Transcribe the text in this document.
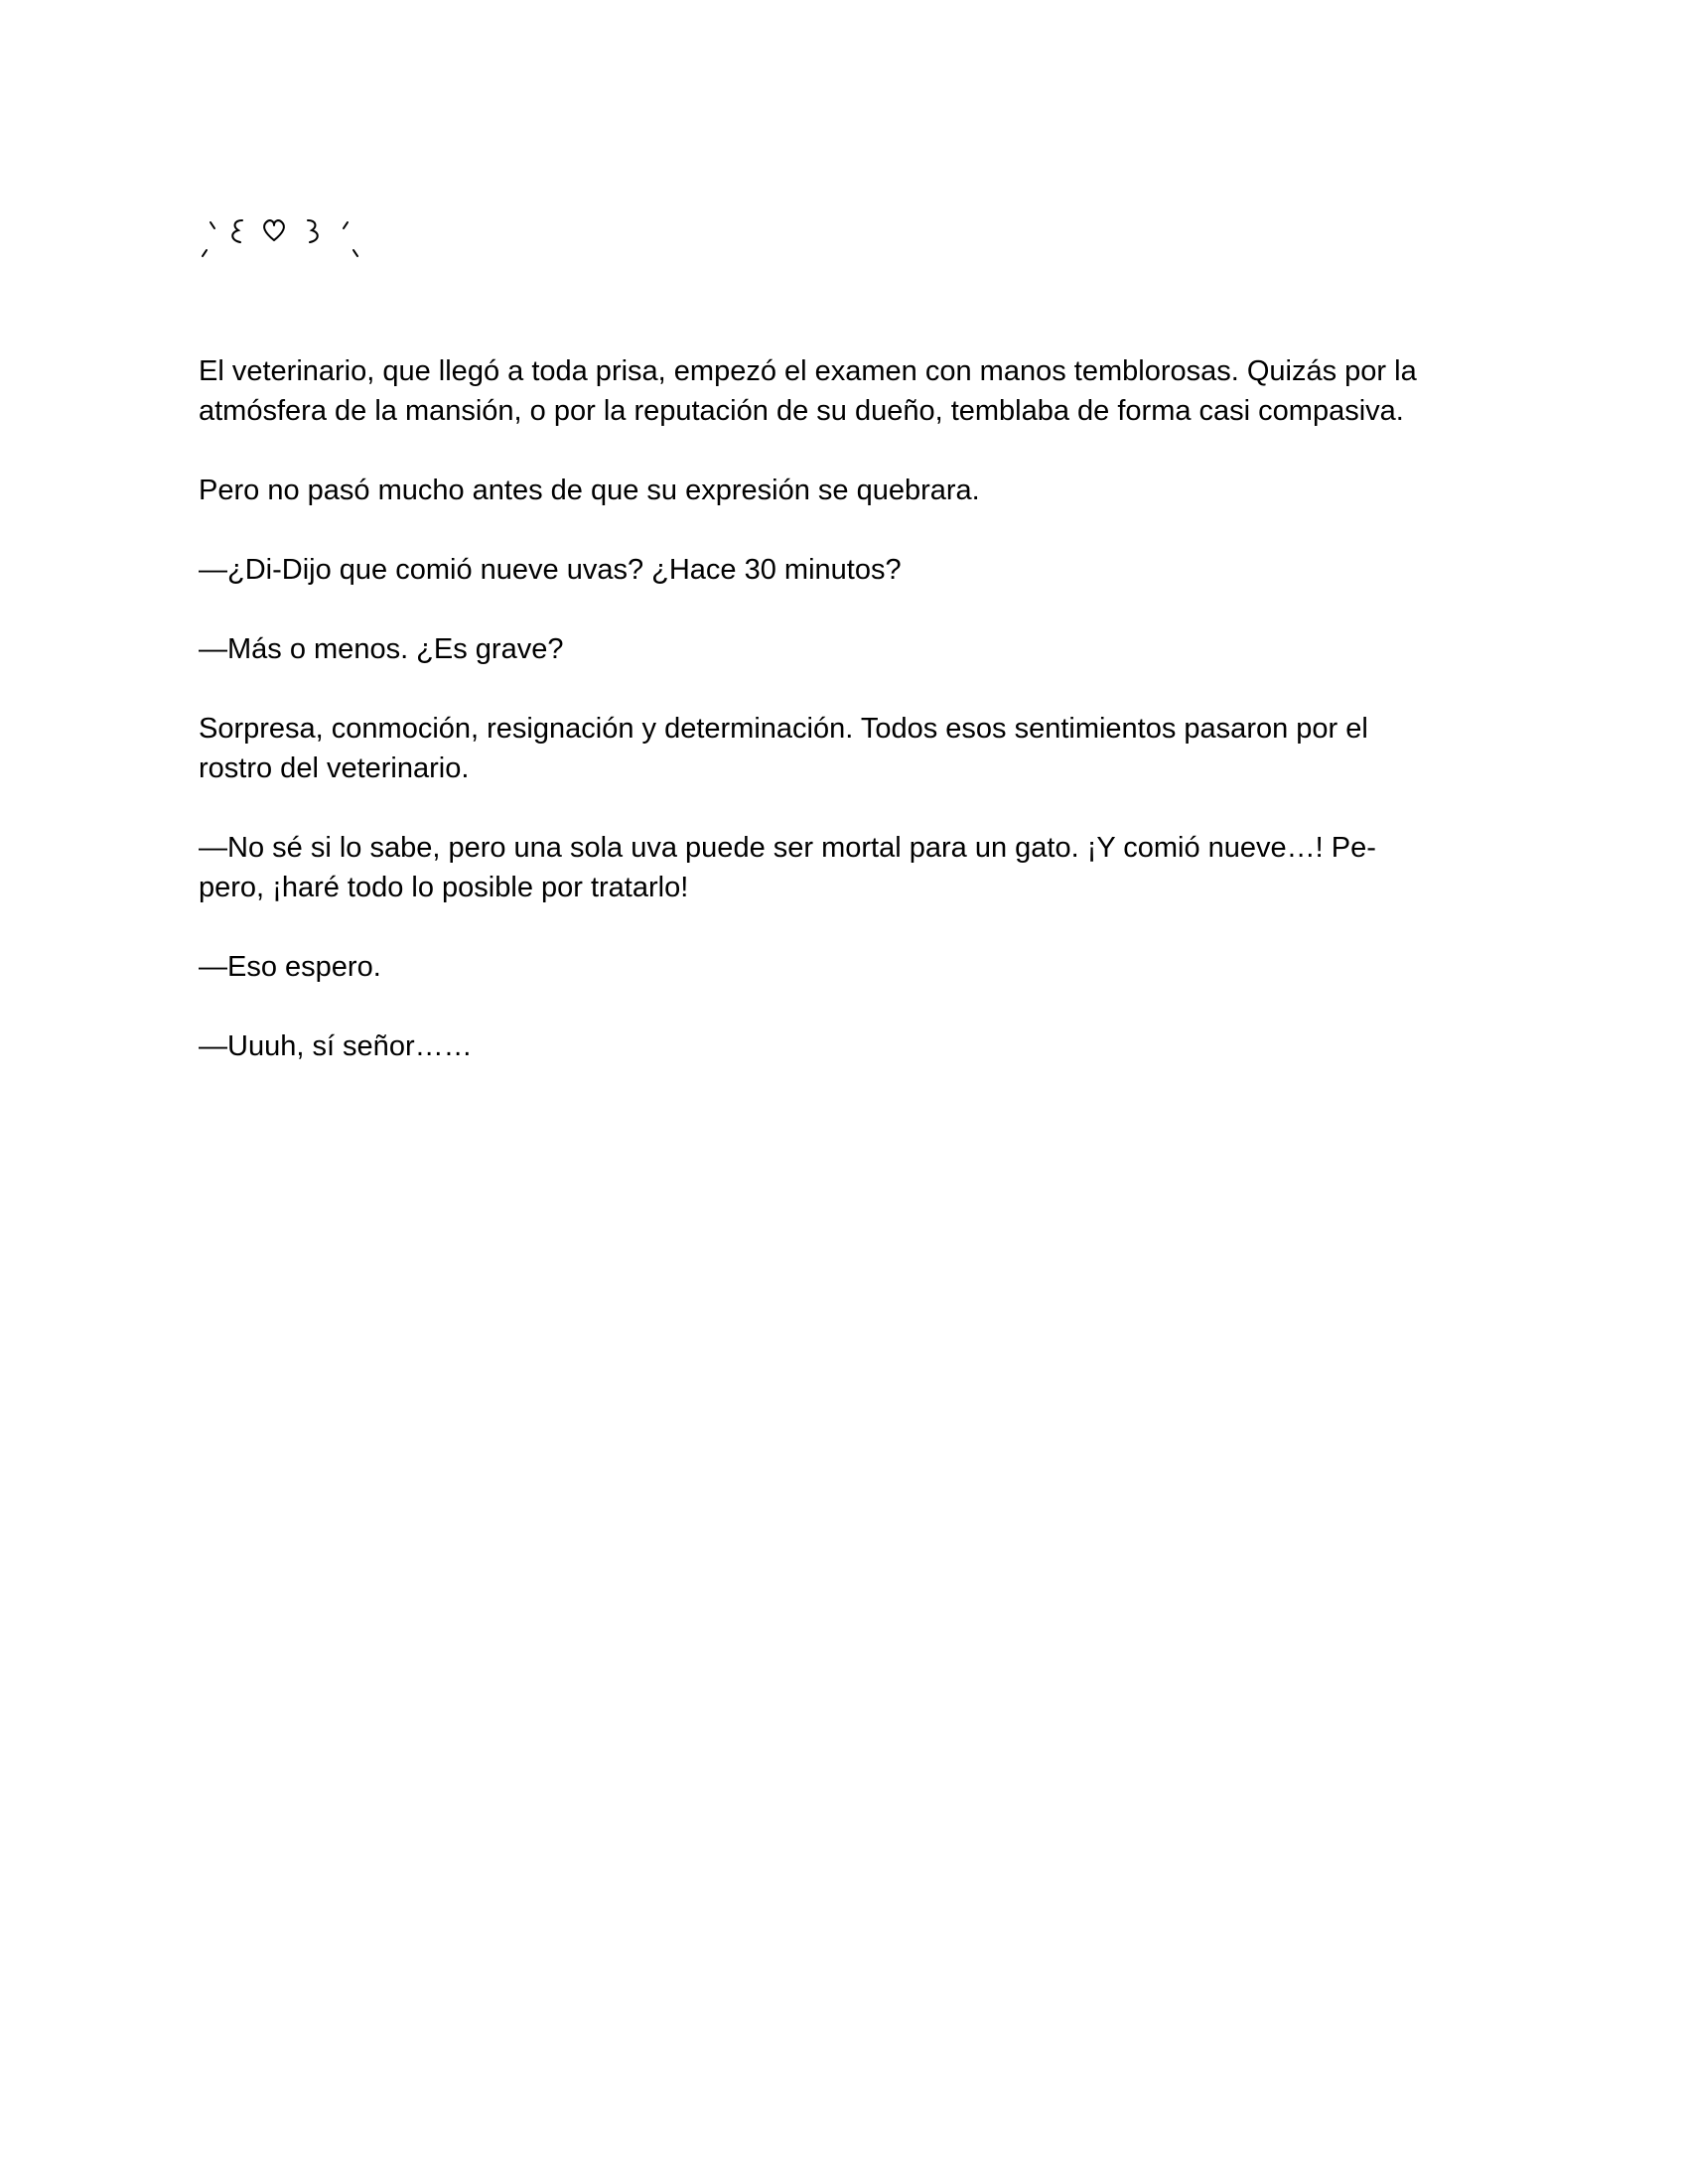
El veterinario, que llegó a toda prisa, empezó el examen con manos temblorosas. Quizás por la
atmósfera de la mansión, o por la reputación de su dueño, temblaba de forma casi compasiva.

Pero no pasó mucho antes de que su expresión se quebrara.

—¿Di-Dijo que comió nueve uvas? ¿Hace 30 minutos?

—Más o menos. ¿Es grave?

Sorpresa, conmoción, resignación y determinación. Todos esos sentimientos pasaron por el
rostro del veterinario.

—No sé si lo sabe, pero una sola uva puede ser mortal para un gato. ¡Y comió nueve…! Pe-
pero, ¡haré todo lo posible por tratarlo!

—Eso espero.

—Uuuh, sí señor……
